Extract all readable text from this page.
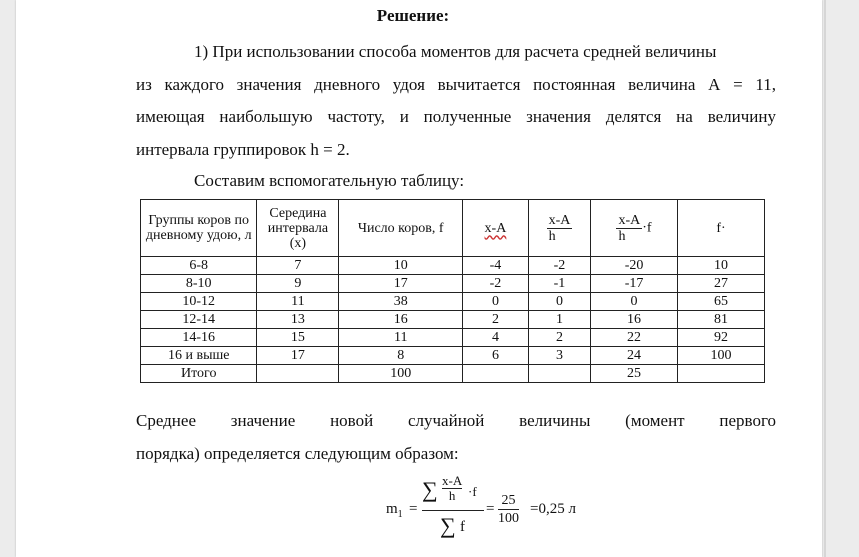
Решение:
1) При использовании способа моментов для расчета средней величины
из каждого значения дневного удоя вычитается постоянная величина А = 11,
имеющая наибольшую частоту, и полученные значения делятся на величину
интервала группировок h = 2.
Составим вспомогательную таблицу:
Группы коров по дневному удою, л	Середина интервала (x)	Число коров, f	x-A	$\frac{x-A}{h}$	$\frac{x-A}{h} \cdot f$	f·
6-8	7	10	-4	-2	-20	10
8-10	9	17	-2	-1	-17	27
10-12	11	38	0	0	0	65
12-14	13	16	2	1	16	81
14-16	15	11	4	2	22	92
16 и выше	17	8	6	3	24	100
Итого		100			25	
Среднее значение новой случайной величины (момент первого
порядка) определяется следующим образом:
$m_1$ = ∑ x-A
h ·f
∑ f =
25
100
=0,25 л
